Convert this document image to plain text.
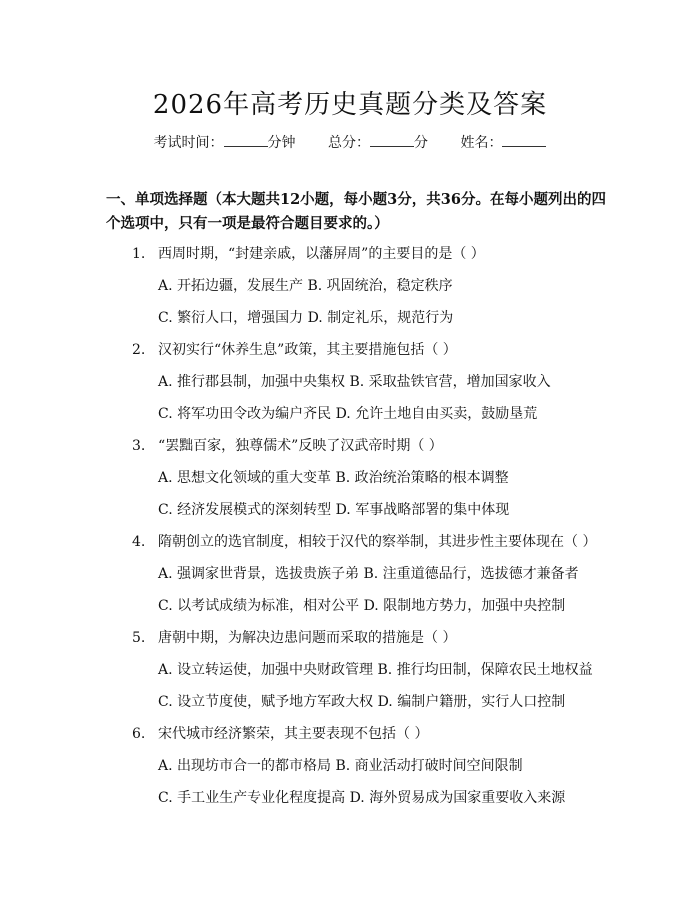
2026年高考历史真题分类及答案
考试时间：	分钟 总分：	分 姓名：
一、单项选择题（本大题共12小题，每小题3分，共36分。在每小题列出的四个选项中，只有一项是最符合题目要求的。）
1. 西周时期，“封建亲戚，以藩屏周”的主要目的是（ ）
A. 开拓边疆，发展生产 B. 巩固统治，稳定秩序
C. 繁衍人口，增强国力 D. 制定礼乐，规范行为
2. 汉初实行“休养生息”政策，其主要措施包括（ ）
A. 推行郡县制，加强中央集权 B. 采取盐铁官营，增加国家收入
C. 将军功田令改为编户齐民 D. 允许土地自由买卖，鼓励垦荒
3. “罢黜百家，独尊儒术”反映了汉武帝时期（ ）
A. 思想文化领域的重大变革 B. 政治统治策略的根本调整
C. 经济发展模式的深刻转型 D. 军事战略部署的集中体现
4. 隋朝创立的选官制度，相较于汉代的察举制，其进步性主要体现在（ ）
A. 强调家世背景，选拔贵族子弟 B. 注重道德品行，选拔德才兼备者
C. 以考试成绩为标准，相对公平 D. 限制地方势力，加强中央控制
5. 唐朝中期，为解决边患问题而采取的措施是（ ）
A. 设立转运使，加强中央财政管理 B. 推行均田制，保障农民土地权益
C. 设立节度使，赋予地方军政大权 D. 编制户籍册，实行人口控制
6. 宋代城市经济繁荣，其主要表现不包括（ ）
A. 出现坊市合一的都市格局 B. 商业活动打破时间空间限制
C. 手工业生产专业化程度提高 D. 海外贸易成为国家重要收入来源
